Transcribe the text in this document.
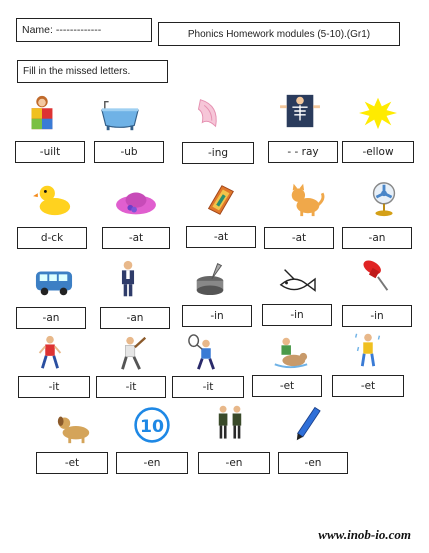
Name: -------------	Phonics Homework modules (5-10).(Gr1)
Fill in the missed letters.
-uilt	-ub	-ing	- - ray	-ellow
d-ck	-at	-at	-at	-an
-an	-an	-in	-in	-in
-it	-it	-it	-et	-et
10
-et	-en	-en	-en
www.inob-io.com
